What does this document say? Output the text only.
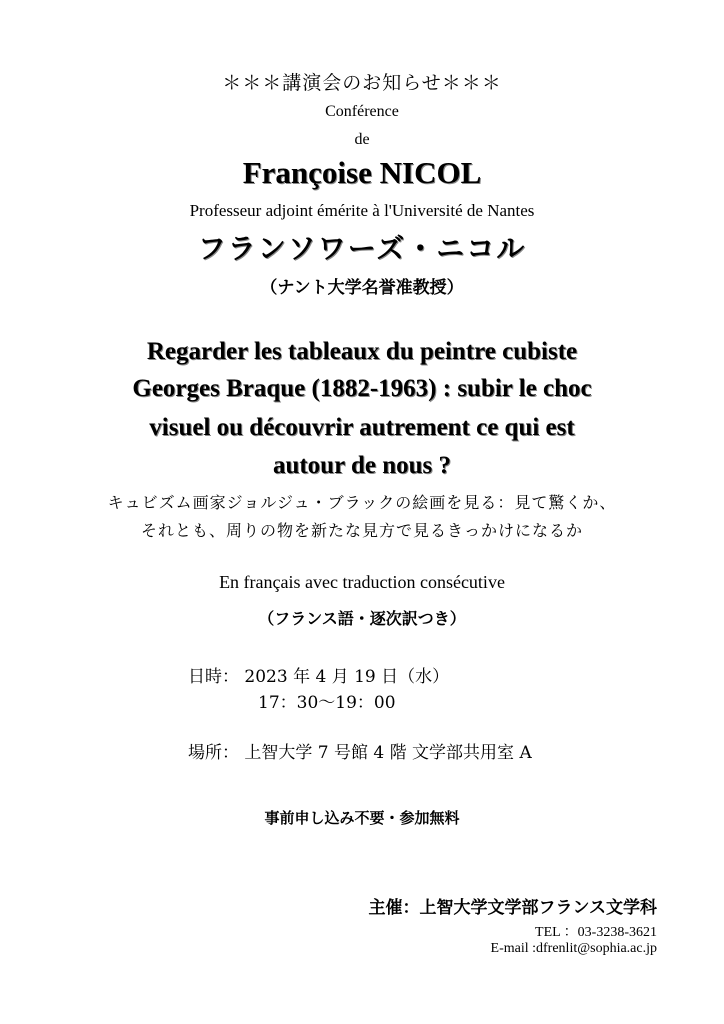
＊＊＊講演会のお知らせ＊＊＊
Conférence
de
Françoise NICOL
Professeur adjoint émérite à l'Université de Nantes
フランソワーズ・ニコル
（ナント大学名誉准教授）
Regarder les tableaux du peintre cubiste
Georges Braque (1882-1963) : subir le choc
visuel ou découvrir autrement ce qui est
autour de nous ?
キュビズム画家ジョルジュ・ブラックの絵画を見る：見て驚くか、
それとも、周りの物を新たな見方で見るきっかけになるか
En français avec traduction consécutive
（フランス語・逐次訳つき）
日時： 2023 年 4 月 19 日（水）
17：30〜19：00
場所： 上智大学 7 号館 4 階 文学部共用室 A
事前申し込み不要・参加無料
主催：上智大学文学部フランス文学科
TEL ：03-3238-3621
E-mail :dfrenlit@sophia.ac.jp
